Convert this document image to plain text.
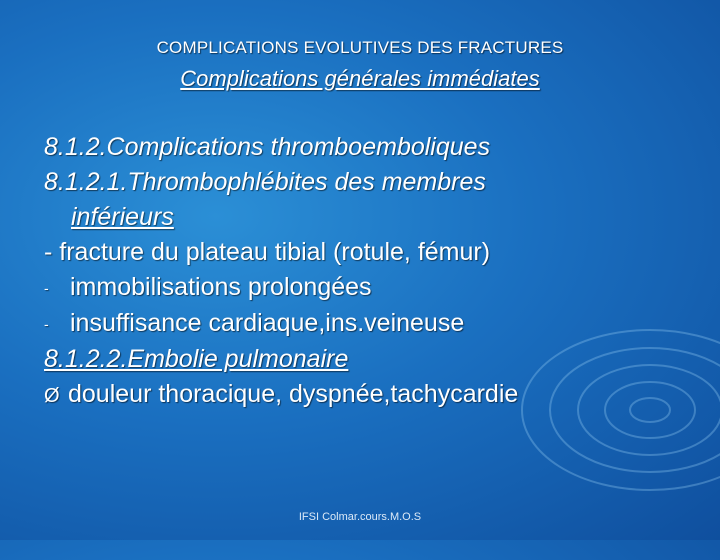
COMPLICATIONS EVOLUTIVES DES FRACTURES
Complications générales immédiates
8.1.2.Complications thromboemboliques
8.1.2.1.Thrombophlébites des membres
inférieurs
- fracture du plateau tibial (rotule, fémur)
- immobilisations prolongées
- insuffisance cardiaque,ins.veineuse
8.1.2.2.Embolie pulmonaire
Ø douleur thoracique, dyspnée,tachycardie
IFSI Colmar.cours.M.O.S
